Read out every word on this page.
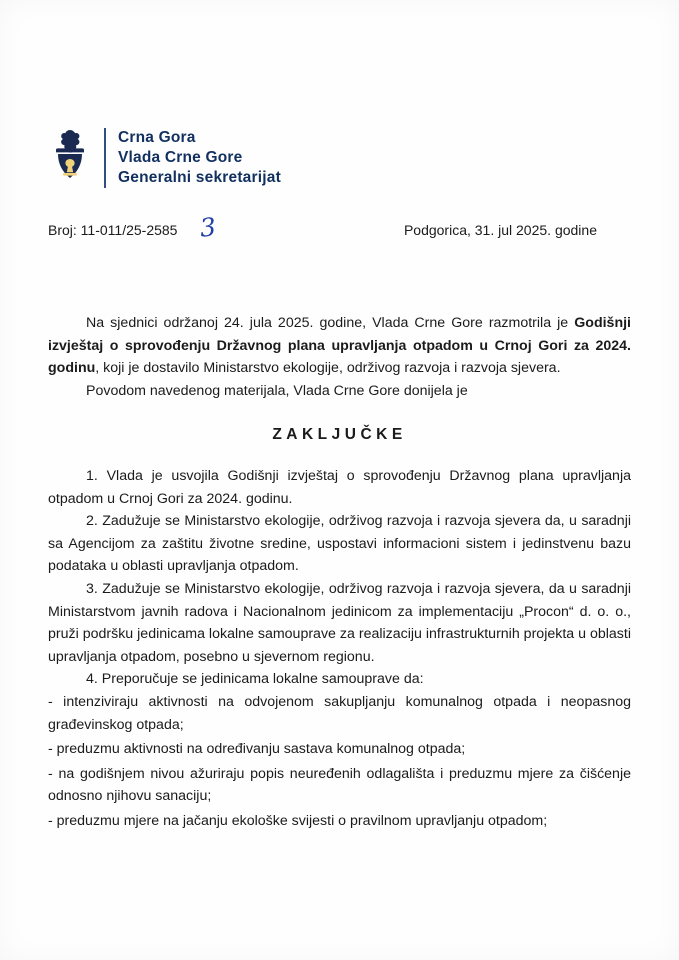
Crna Gora
Vlada Crne Gore
Generalni sekretarijat
Broj: 11-011/25-2585 3	Podgorica, 31. jul 2025. godine

Na sjednici održanoj 24. jula 2025. godine, Vlada Crne Gore razmotrila je Godišnji izvještaj o sprovođenju Državnog plana upravljanja otpadom u Crnoj Gori za 2024. godinu, koji je dostavilo Ministarstvo ekologije, održivog razvoja i razvoja sjevera.

Povodom navedenog materijala, Vlada Crne Gore donijela je

ZAKLJUČKE

1. Vlada je usvojila Godišnji izvještaj o sprovođenju Državnog plana upravljanja otpadom u Crnoj Gori za 2024. godinu.

2. Zadužuje se Ministarstvo ekologije, održivog razvoja i razvoja sjevera da, u saradnji sa Agencijom za zaštitu životne sredine, uspostavi informacioni sistem i jedinstvenu bazu podataka u oblasti upravljanja otpadom.

3. Zadužuje se Ministarstvo ekologije, održivog razvoja i razvoja sjevera, da u saradnji Ministarstvom javnih radova i Nacionalnom jedinicom za implementaciju „Procon“ d. o. o., pruži podršku jedinicama lokalne samouprave za realizaciju infrastrukturnih projekta u oblasti upravljanja otpadom, posebno u sjevernom regionu.

4. Preporučuje se jedinicama lokalne samouprave da:

- intenziviraju aktivnosti na odvojenom sakupljanju komunalnog otpada i neopasnog građevinskog otpada;

- preduzmu aktivnosti na određivanju sastava komunalnog otpada;

- na godišnjem nivou ažuriraju popis neuređenih odlagališta i preduzmu mjere za čišćenje odnosno njihovu sanaciju;

- preduzmu mjere na jačanju ekološke svijesti o pravilnom upravljanju otpadom;
